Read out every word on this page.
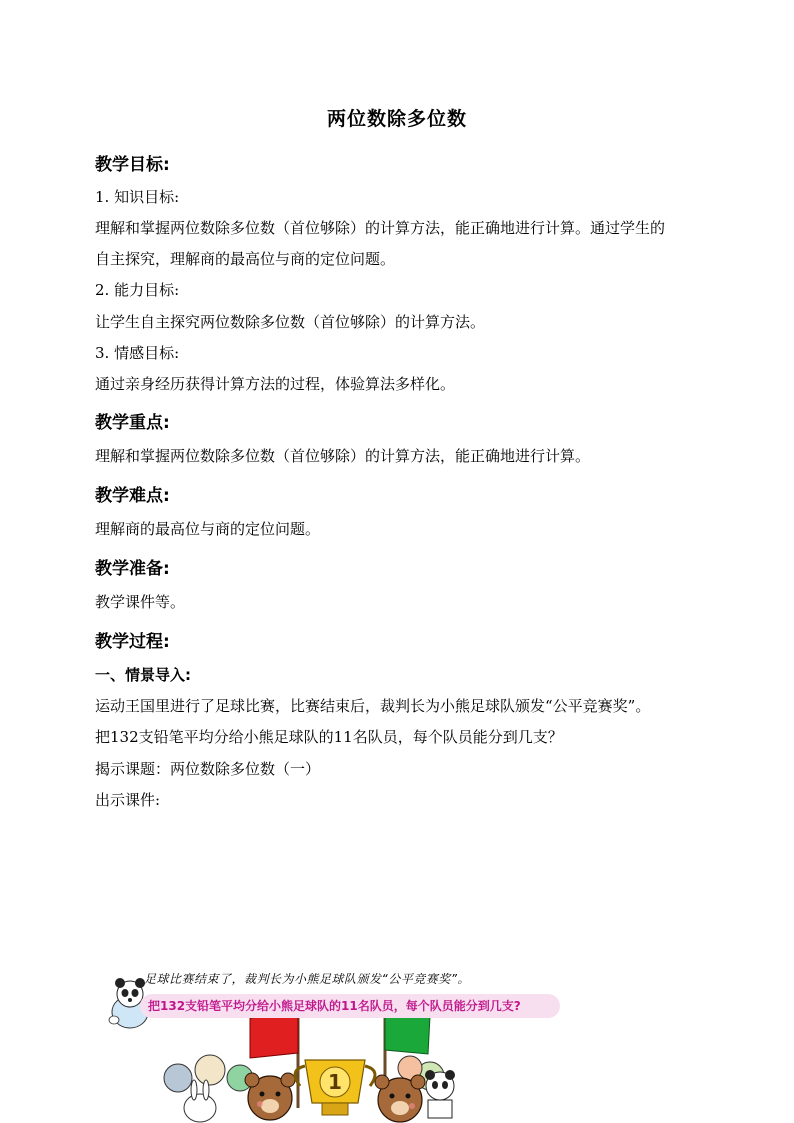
两位数除多位数
教学目标:
1. 知识目标:
理解和掌握两位数除多位数（首位够除）的计算方法，能正确地进行计算。通过学生的
自主探究，理解商的最高位与商的定位问题。
2. 能力目标:
让学生自主探究两位数除多位数（首位够除）的计算方法。
3. 情感目标:
通过亲身经历获得计算方法的过程，体验算法多样化。
教学重点:
理解和掌握两位数除多位数（首位够除）的计算方法，能正确地进行计算。
教学难点:
理解商的最高位与商的定位问题。
教学准备:
教学课件等。
教学过程:
一、情景导入:
运动王国里进行了足球比赛，比赛结束后，裁判长为小熊足球队颁发“公平竞赛奖”。
把132支铅笔平均分给小熊足球队的11名队员，每个队员能分到几支？
揭示课题：两位数除多位数（一）
出示课件:
1
足球比赛结束了，裁判长为小熊足球队颁发“公平竞赛奖”。
把132支铅笔平均分给小熊足球队的11名队员，每个队员能分到几支?
